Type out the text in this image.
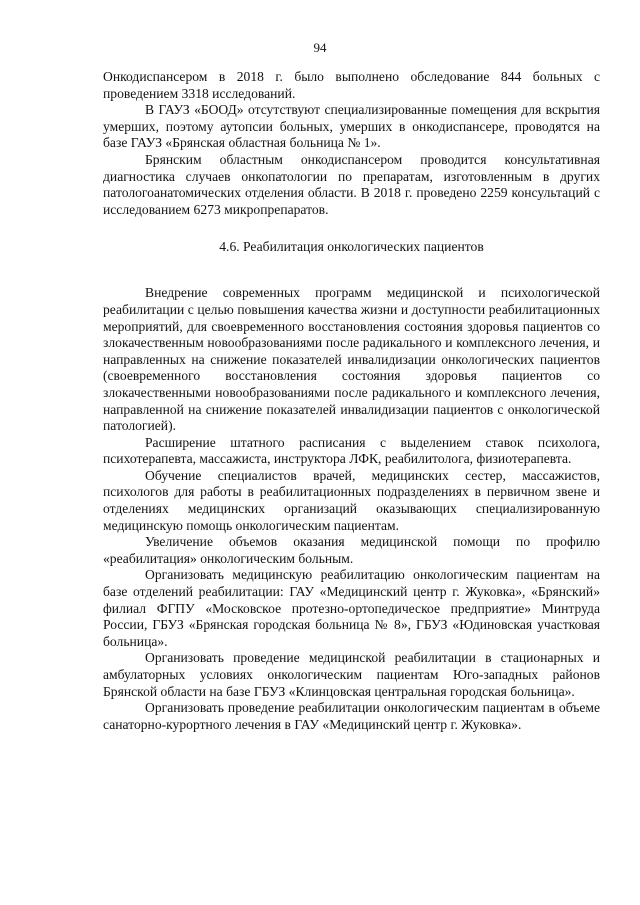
94

Онкодиспансером в 2018 г. было выполнено обследование 844 больных с проведением 3318 исследований.

В ГАУЗ «БООД» отсутствуют специализированные помещения для вскрытия умерших, поэтому аутопсии больных, умерших в онкодиспансере, проводятся на базе ГАУЗ «Брянская областная больница № 1».

Брянским областным онкодиспансером проводится консультативная диагностика случаев онкопатологии по препаратам, изготовленным в других патологоанатомических отделения области. В 2018 г. проведено 2259 консультаций с исследованием 6273 микропрепаратов.

4.6. Реабилитация онкологических пациентов

Внедрение современных программ медицинской и психологической реабилитации с целью повышения качества жизни и доступности реабилитационных мероприятий, для своевременного восстановления состояния здоровья пациентов со злокачественным новообразованиями после радикального и комплексного лечения, и направленных на снижение показателей инвалидизации онкологических пациентов (своевременного восстановления состояния здоровья пациентов со злокачественными новообразованиями после радикального и комплексного лечения, направленной на снижение показателей инвалидизации пациентов с онкологической патологией).

Расширение штатного расписания с выделением ставок психолога, психотерапевта, массажиста, инструктора ЛФК, реабилитолога, физиотерапевта.

Обучение специалистов врачей, медицинских сестер, массажистов, психологов для работы в реабилитационных подразделениях в первичном звене и отделениях медицинских организаций оказывающих специализированную медицинскую помощь онкологическим пациентам.

Увеличение объемов оказания медицинской помощи по профилю «реабилитация» онкологическим больным.

Организовать медицинскую реабилитацию онкологическим пациентам на базе отделений реабилитации: ГАУ «Медицинский центр г. Жуковка», «Брянский» филиал ФГПУ «Московское протезно-ортопедическое предприятие» Минтруда России, ГБУЗ «Брянская городская больница № 8», ГБУЗ «Юдиновская участковая больница».

Организовать проведение медицинской реабилитации в стационарных и амбулаторных условиях онкологическим пациентам Юго-западных районов Брянской области на базе ГБУЗ «Клинцовская центральная городская больница».

Организовать проведение реабилитации онкологическим пациентам в объеме санаторно-курортного лечения в ГАУ «Медицинский центр г. Жуковка».
